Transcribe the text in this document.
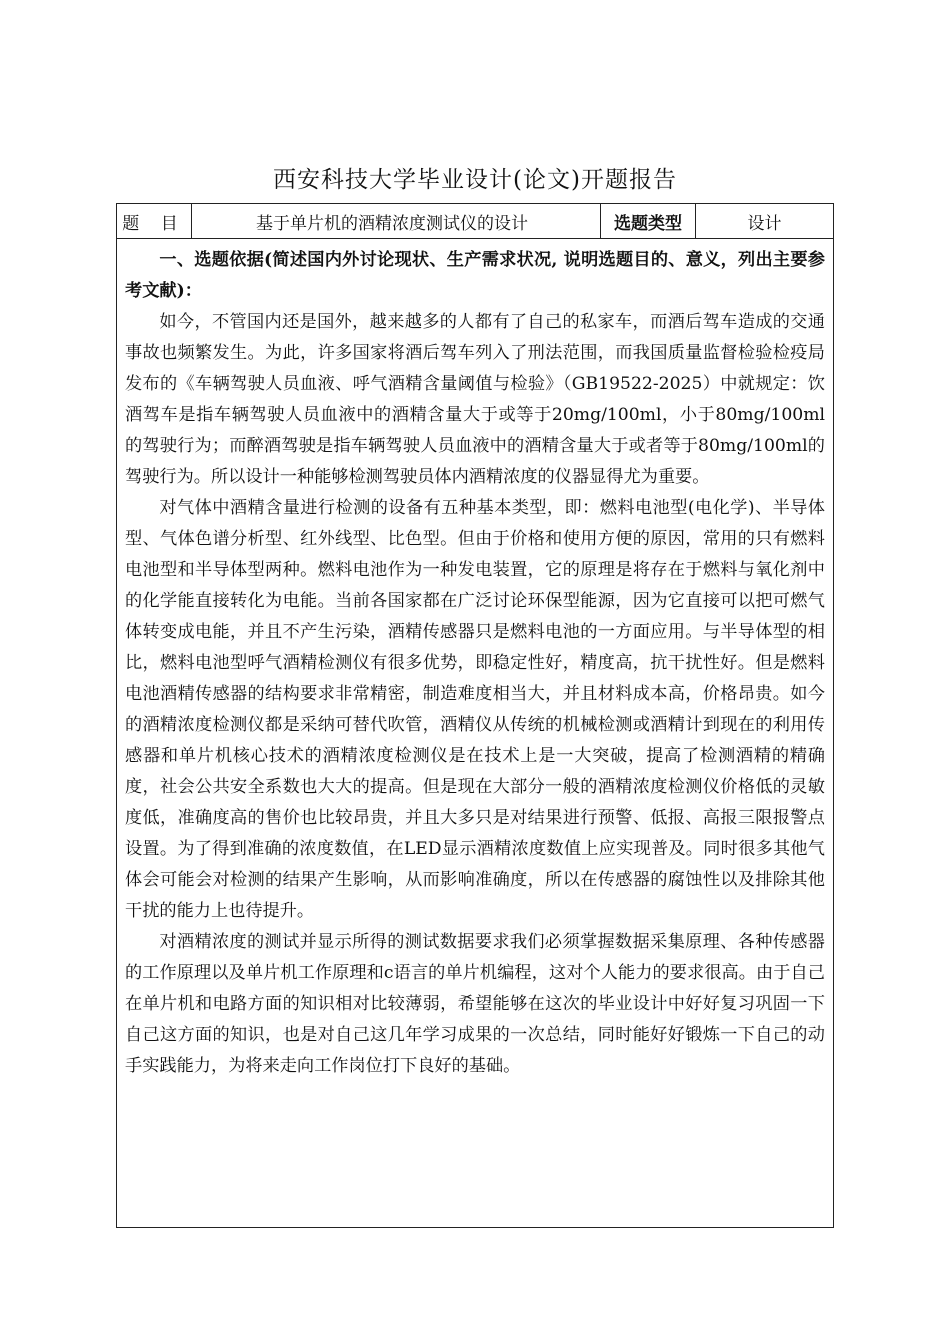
西安科技大学毕业设计(论文)开题报告
题 目	基于单片机的酒精浓度测试仪的设计	选题类型	设计

一、选题依据(简述国内外讨论现状、生产需求状况, 说明选题目的、意义，列出主要参考文献)：

如今，不管国内还是国外，越来越多的人都有了自己的私家车，而酒后驾车造成的交通事故也频繁发生。为此，许多国家将酒后驾车列入了刑法范围，而我国质量监督检验检疫局发布的《车辆驾驶人员血液、呼气酒精含量阈值与检验》（GB19522-2025）中就规定：饮酒驾车是指车辆驾驶人员血液中的酒精含量大于或等于20mg/100ml，小于80mg/100ml的驾驶行为；而醉酒驾驶是指车辆驾驶人员血液中的酒精含量大于或者等于80mg/100ml的驾驶行为。所以设计一种能够检测驾驶员体内酒精浓度的仪器显得尤为重要。

对气体中酒精含量进行检测的设备有五种基本类型，即：燃料电池型(电化学)、半导体型、气体色谱分析型、红外线型、比色型。但由于价格和使用方便的原因，常用的只有燃料电池型和半导体型两种。燃料电池作为一种发电装置，它的原理是将存在于燃料与氧化剂中的化学能直接转化为电能。当前各国家都在广泛讨论环保型能源，因为它直接可以把可燃气体转变成电能，并且不产生污染，酒精传感器只是燃料电池的一方面应用。与半导体型的相比，燃料电池型呼气酒精检测仪有很多优势，即稳定性好，精度高，抗干扰性好。但是燃料电池酒精传感器的结构要求非常精密，制造难度相当大，并且材料成本高，价格昂贵。如今的酒精浓度检测仪都是采纳可替代吹管，酒精仪从传统的机械检测或酒精计到现在的利用传感器和单片机核心技术的酒精浓度检测仪是在技术上是一大突破，提高了检测酒精的精确度，社会公共安全系数也大大的提高。但是现在大部分一般的酒精浓度检测仪价格低的灵敏度低，准确度高的售价也比较昂贵，并且大多只是对结果进行预警、低报、高报三限报警点设置。为了得到准确的浓度数值，在LED显示酒精浓度数值上应实现普及。同时很多其他气体会可能会对检测的结果产生影响，从而影响准确度，所以在传感器的腐蚀性以及排除其他干扰的能力上也待提升。

对酒精浓度的测试并显示所得的测试数据要求我们必须掌握数据采集原理、各种传感器的工作原理以及单片机工作原理和c语言的单片机编程，这对个人能力的要求很高。由于自己在单片机和电路方面的知识相对比较薄弱，希望能够在这次的毕业设计中好好复习巩固一下自己这方面的知识，也是对自己这几年学习成果的一次总结，同时能好好锻炼一下自己的动手实践能力，为将来走向工作岗位打下良好的基础。
